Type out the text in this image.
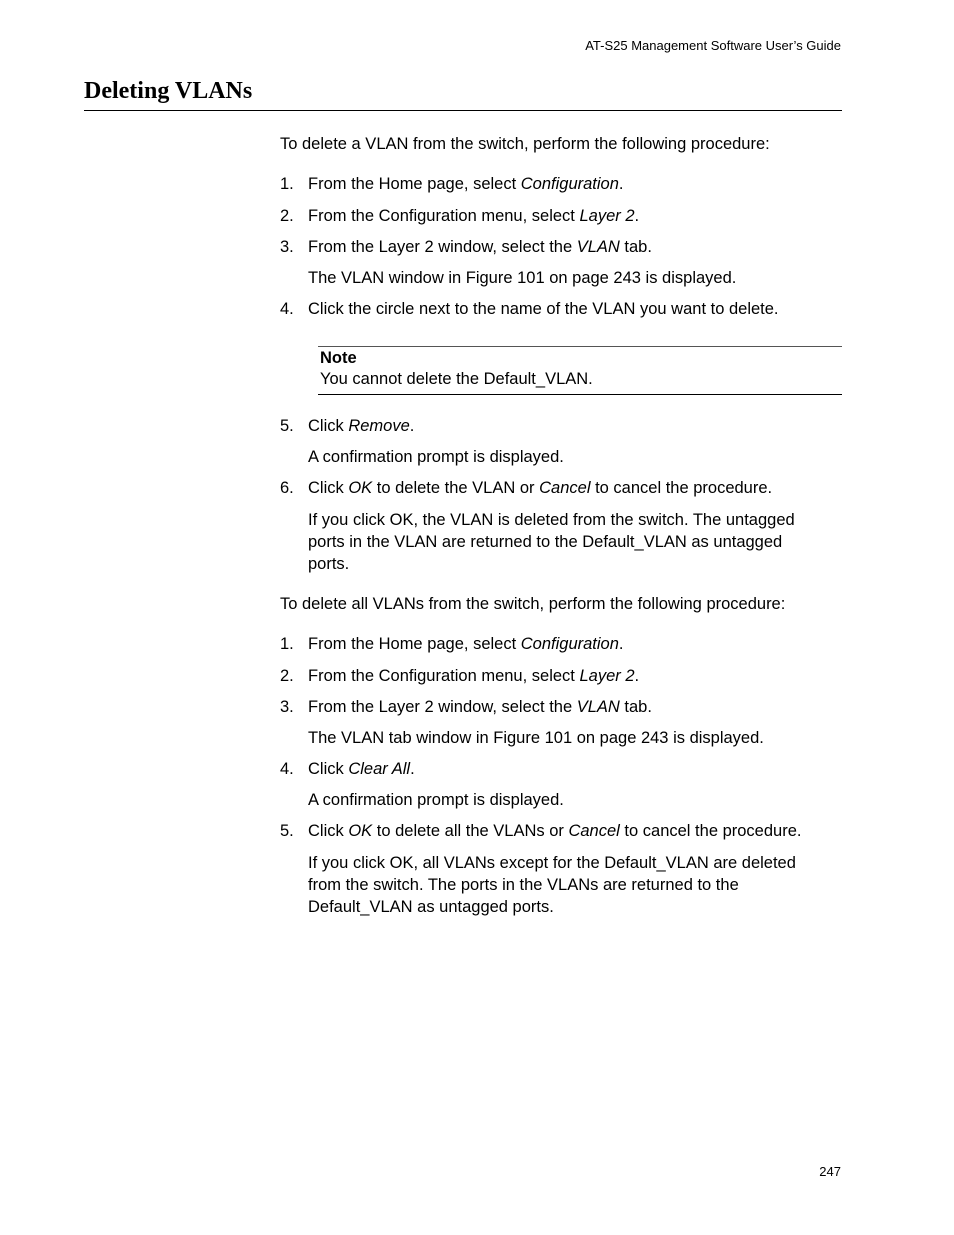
AT-S25 Management Software User’s Guide
Deleting VLANs

To delete a VLAN from the switch, perform the following procedure:

1. From the Home page, select Configuration.

2. From the Configuration menu, select Layer 2.

3. From the Layer 2 window, select the VLAN tab.

The VLAN window in Figure 101 on page 243 is displayed.

4. Click the circle next to the name of the VLAN you want to delete.

Note
You cannot delete the Default_VLAN.

5. Click Remove.

A confirmation prompt is displayed.

6. Click OK to delete the VLAN or Cancel to cancel the procedure.

If you click OK, the VLAN is deleted from the switch. The untagged
ports in the VLAN are returned to the Default_VLAN as untagged
ports.

To delete all VLANs from the switch, perform the following procedure:

1. From the Home page, select Configuration.

2. From the Configuration menu, select Layer 2.

3. From the Layer 2 window, select the VLAN tab.

The VLAN tab window in Figure 101 on page 243 is displayed.

4. Click Clear All.

A confirmation prompt is displayed.

5. Click OK to delete all the VLANs or Cancel to cancel the procedure.

If you click OK, all VLANs except for the Default_VLAN are deleted
from the switch. The ports in the VLANs are returned to the
Default_VLAN as untagged ports.

247
